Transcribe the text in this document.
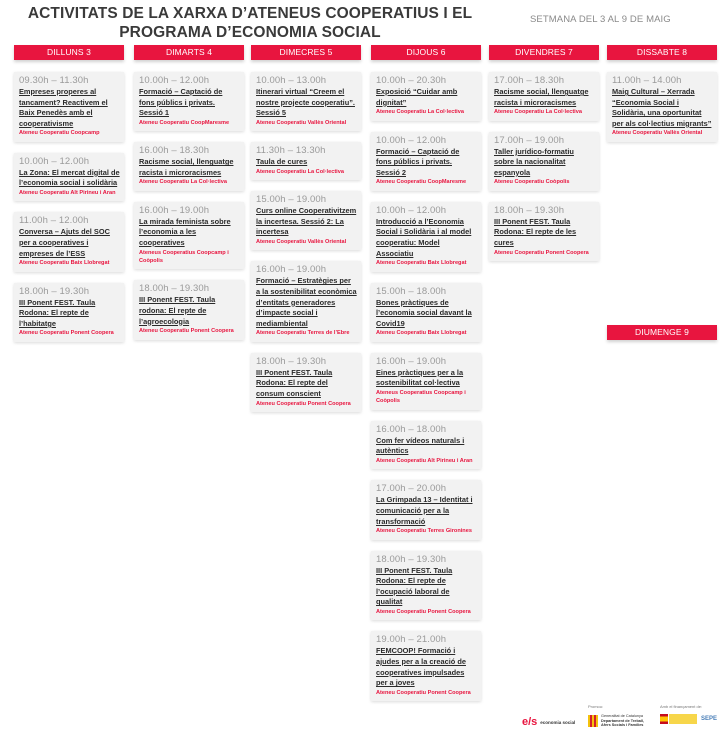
ACTIVITATS DE LA XARXA D’ATENEUS COOPERATIUS I EL PROGRAMA D’ECONOMIA SOCIAL
SETMANA DEL 3 AL 9 DE MAIG
DILLUNS 3
09.30h – 11.30h
Empreses properes al tancament? Reactivem el Baix Penedès amb el cooperativisme
Ateneu Cooperatiu Coopcamp
10.00h – 12.00h
La Zona: El mercat digital de l’economia social i solidària
Ateneu Cooperatiu Alt Pirineu i Aran
11.00h – 12.00h
Conversa – Ajuts del SOC per a cooperatives i empreses de l’ESS
Ateneu Cooperatiu Baix Llobregat
18.00h – 19.30h
III Ponent FEST. Taula Rodona: El repte de l’habitatge
Ateneu Cooperatiu Ponent Coopera
DIMARTS 4
10.00h – 12.00h
Formació – Captació de fons públics i privats. Sessió 1
Ateneu Cooperatiu CoopMaresme
16.00h – 18.30h
Racisme social, llenguatge racista i microracismes
Ateneu Cooperatiu La Col·lectiva
16.00h – 19.00h
La mirada feminista sobre l’economia a les cooperatives
Ateneus Cooperatius Coopcamp i Coòpolis
18.00h – 19.30h
III Ponent FEST. Taula rodona: El repte de l’agroecologia
Ateneu Cooperatiu Ponent Coopera
DIMECRES 5
10.00h – 13.00h
Itinerari virtual “Creem el nostre projecte cooperatiu”. Sessió 5
Ateneu Cooperatiu Vallès Oriental
11.30h – 13.30h
Taula de cures
Ateneu Cooperatiu La Col·lectiva
15.00h – 19.00h
Curs online Cooperativitzem la incertesa. Sessió 2: La incertesa
Ateneu Cooperatiu Vallès Oriental
16.00h – 19.00h
Formació – Estratègies per a la sostenibilitat econòmica d’entitats generadores d’impacte social i mediambiental
Ateneu Cooperatiu Terres de l’Ebre
18.00h – 19.30h
III Ponent FEST. Taula Rodona: El repte del consum conscient
Ateneu Cooperatiu Ponent Coopera
DIJOUS 6
10.00h – 20.30h
Exposició “Cuidar amb dignitat”
Ateneu Cooperatiu La Col·lectiva
10.00h – 12.00h
Formació – Captació de fons públics i privats. Sessió 2
Ateneu Cooperatiu CoopMaresme
10.00h – 12.00h
Introducció a l’Economia Social i Solidària i al model cooperatiu: Model Associatiu
Ateneu Cooperatiu Baix Llobregat
15.00h – 18.00h
Bones pràctiques de l’economia social davant la Covid19
Ateneu Cooperatiu Baix Llobregat
16.00h – 19.00h
Eines pràctiques per a la sostenibilitat col·lectiva
Ateneus Cooperatius Coopcamp i Coòpolis
16.00h – 18.00h
Com fer vídeos naturals i autèntics
Ateneu Cooperatiu Alt Pirineu i Aran
17.00h – 20.00h
La Grimpada 13 – Identitat i comunicació per a la transformació
Ateneu Cooperatiu Terres Gironines
18.00h – 19.30h
III Ponent FEST. Taula Rodona: El repte de l’ocupació laboral de qualitat
Ateneu Cooperatiu Ponent Coopera
19.00h – 21.00h
FEMCOOP! Formació i ajudes per a la creació de cooperatives impulsades per a joves
Ateneu Cooperatiu Ponent Coopera
DIVENDRES 7
17.00h – 18.30h
Racisme social, llenguatge racista i microracismes
Ateneu Cooperatiu La Col·lectiva
17.00h – 19.00h
Taller jurídico-formatiu sobre la nacionalitat espanyola
Ateneu Cooperatiu Coòpolis
18.00h – 19.30h
III Ponent FEST. Taula Rodona: El repte de les cures
Ateneu Cooperatiu Ponent Coopera
DISSABTE 8
11.00h – 14.00h
Maig Cultural – Xerrada “Economia Social i Solidària, una oportunitat per als col·lectius migrants”
Ateneu Cooperatiu Vallès Oriental
DIUMENGE 9
Promou:	Amb el finançament de:
e/s economia social
Generalitat de Catalunya
Departament de Treball,
Afers Socials i Famílies
SEPE
